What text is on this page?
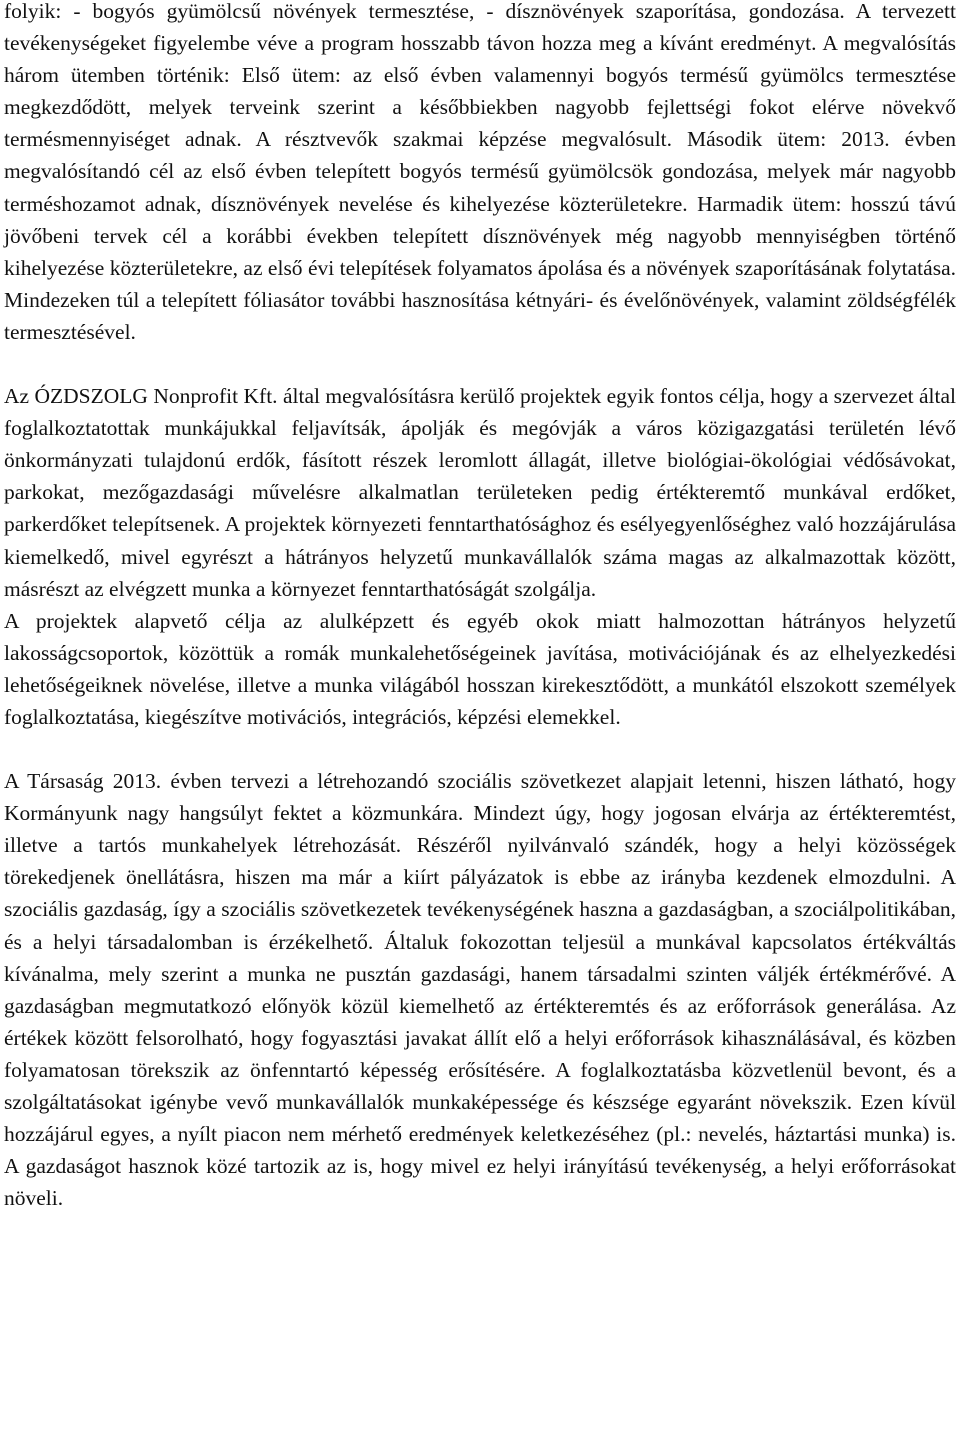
folyik: - bogyós gyümölcsű növények termesztése, - dísznövények szaporítása, gondozása. A tervezett tevékenységeket figyelembe véve a program hosszabb távon hozza meg a kívánt eredményt. A megvalósítás három ütemben történik: Első ütem: az első évben valamennyi bogyós termésű gyümölcs termesztése megkezdődött, melyek terveink szerint a későbbiekben nagyobb fejlettségi fokot elérve növekvő termésmennyiséget adnak. A résztvevők szakmai képzése megvalósult. Második ütem: 2013. évben megvalósítandó cél az első évben telepített bogyós termésű gyümölcsök gondozása, melyek már nagyobb terméshozamot adnak, dísznövények nevelése és kihelyezése közterületekre. Harmadik ütem: hosszú távú jövőbeni tervek cél a korábbi években telepített dísznövények még nagyobb mennyiségben történő kihelyezése közterületekre, az első évi telepítések folyamatos ápolása és a növények szaporításának folytatása. Mindezeken túl a telepített fóliasátor további hasznosítása kétnyári- és évelőnövények, valamint zöldségfélék termesztésével.

Az ÓZDSZOLG Nonprofit Kft. által megvalósításra kerülő projektek egyik fontos célja, hogy a szervezet által foglalkoztatottak munkájukkal feljavítsák, ápolják és megóvják a város közigazgatási területén lévő önkormányzati tulajdonú erdők, fásított részek leromlott állagát, illetve biológiai-ökológiai védősávokat, parkokat, mezőgazdasági művelésre alkalmatlan területeken pedig értékteremtő munkával erdőket, parkerdőket telepítsenek. A projektek környezeti fenntarthatósághoz és esélyegyenlőséghez való hozzájárulása kiemelkedő, mivel egyrészt a hátrányos helyzetű munkavállalók száma magas az alkalmazottak között, másrészt az elvégzett munka a környezet fenntarthatóságát szolgálja.

A projektek alapvető célja az alulképzett és egyéb okok miatt halmozottan hátrányos helyzetű lakosságcsoportok, közöttük a romák munkalehetőségeinek javítása, motivációjának és az elhelyezkedési lehetőségeiknek növelése, illetve a munka világából hosszan kirekesztődött, a munkától elszokott személyek foglalkoztatása, kiegészítve motivációs, integrációs, képzési elemekkel.

A Társaság 2013. évben tervezi a létrehozandó szociális szövetkezet alapjait letenni, hiszen látható, hogy Kormányunk nagy hangsúlyt fektet a közmunkára. Mindezt úgy, hogy jogosan elvárja az értékteremtést, illetve a tartós munkahelyek létrehozását. Részéről nyilvánvaló szándék, hogy a helyi közösségek törekedjenek önellátásra, hiszen ma már a kiírt pályázatok is ebbe az irányba kezdenek elmozdulni. A szociális gazdaság, így a szociális szövetkezetek tevékenységének haszna a gazdaságban, a szociálpolitikában, és a helyi társadalomban is érzékelhető. Általuk fokozottan teljesül a munkával kapcsolatos értékváltás kívánalma, mely szerint a munka ne pusztán gazdasági, hanem társadalmi szinten váljék értékmérővé. A gazdaságban megmutatkozó előnyök közül kiemelhető az értékteremtés és az erőforrások generálása. Az értékek között felsorolható, hogy fogyasztási javakat állít elő a helyi erőforrások kihasználásával, és közben folyamatosan törekszik az önfenntartó képesség erősítésére. A foglalkoztatásba közvetlenül bevont, és a szolgáltatásokat igénybe vevő munkavállalók munkaképessége és készsége egyaránt növekszik. Ezen kívül hozzájárul egyes, a nyílt piacon nem mérhető eredmények keletkezéséhez (pl.: nevelés, háztartási munka) is. A gazdaságot hasznok közé tartozik az is, hogy mivel ez helyi irányítású tevékenység, a helyi erőforrásokat növeli.
